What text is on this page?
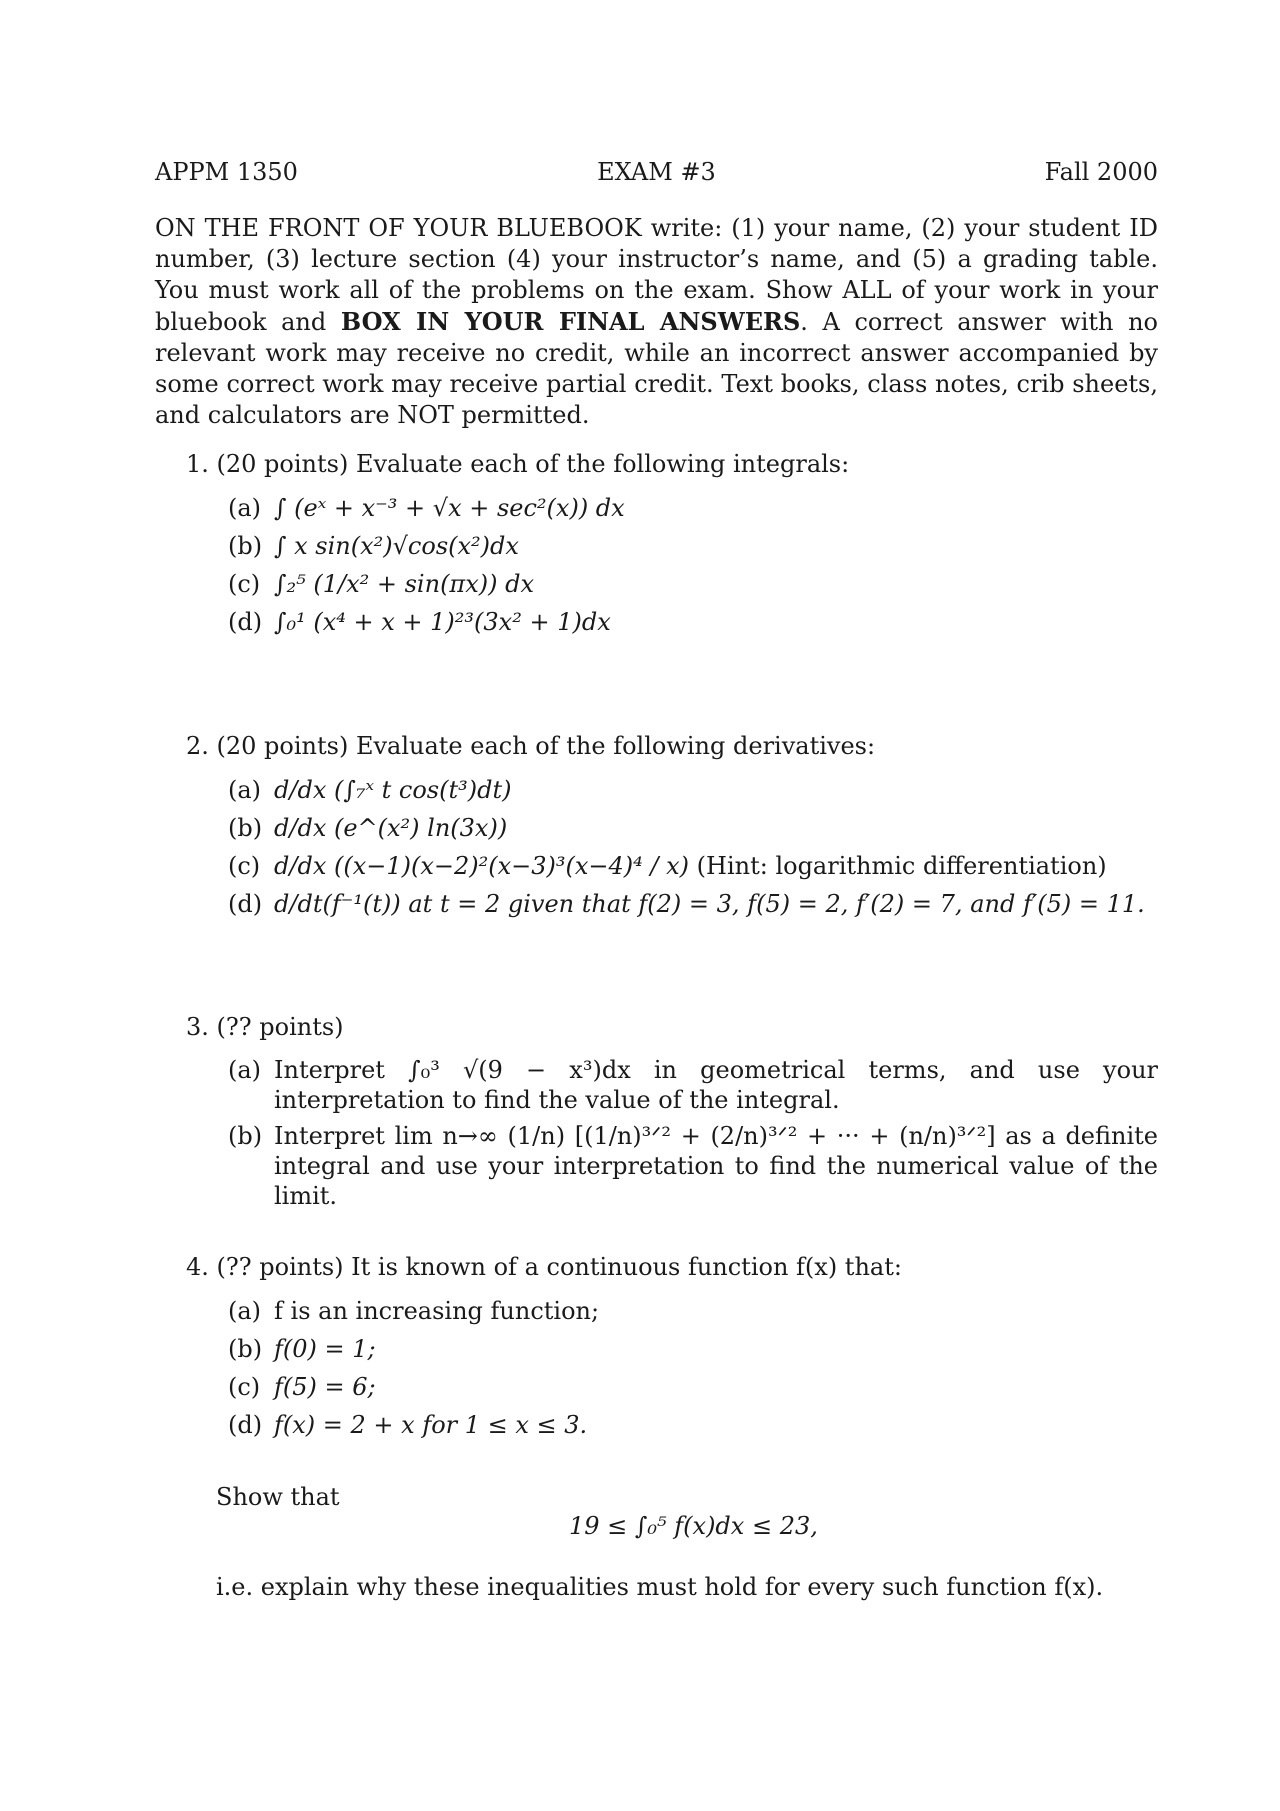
APPM 1350	EXAM #3	Fall 2000
ON THE FRONT OF YOUR BLUEBOOK write: (1) your name, (2) your student ID number, (3) lecture section (4) your instructor’s name, and (5) a grading table. You must work all of the problems on the exam. Show ALL of your work in your bluebook and BOX IN YOUR FINAL ANSWERS. A correct answer with no relevant work may receive no credit, while an incorrect answer accompanied by some correct work may receive partial credit. Text books, class notes, crib sheets, and calculators are NOT permitted.
1. (20 points) Evaluate each of the following integrals:
(a) ∫ (eˣ + x⁻³ + √x + sec²(x)) dx
(b) ∫ x sin(x²)√cos(x²)dx
(c) ∫₂⁵ (1/x² + sin(πx)) dx
(d) ∫₀¹ (x⁴ + x + 1)²³(3x² + 1)dx
2. (20 points) Evaluate each of the following derivatives:
(a) d/dx (∫₇ˣ t cos(t³)dt)
(b) d/dx (e^(x²) ln(3x))
(c) d/dx ((x−1)(x−2)²(x−3)³(x−4)⁴ / x) (Hint: logarithmic differentiation)
(d) d/dt(f⁻¹(t)) at t = 2 given that f(2) = 3, f(5) = 2, f′(2) = 7, and f′(5) = 11.
3. (?? points)
(a) Interpret ∫₀³ √(9 − x³)dx in geometrical terms, and use your interpretation to find the value of the integral.
(b) Interpret lim n→∞ (1/n) [(1/n)³ᐟ² + (2/n)³ᐟ² + ··· + (n/n)³ᐟ²] as a definite integral and use your interpretation to find the numerical value of the limit.
4. (?? points) It is known of a continuous function f(x) that:
(a) f is an increasing function;
(b) f(0) = 1;
(c) f(5) = 6;
(d) f(x) = 2 + x for 1 ≤ x ≤ 3.
Show that
19 ≤ ∫₀⁵ f(x)dx ≤ 23,
i.e. explain why these inequalities must hold for every such function f(x).
